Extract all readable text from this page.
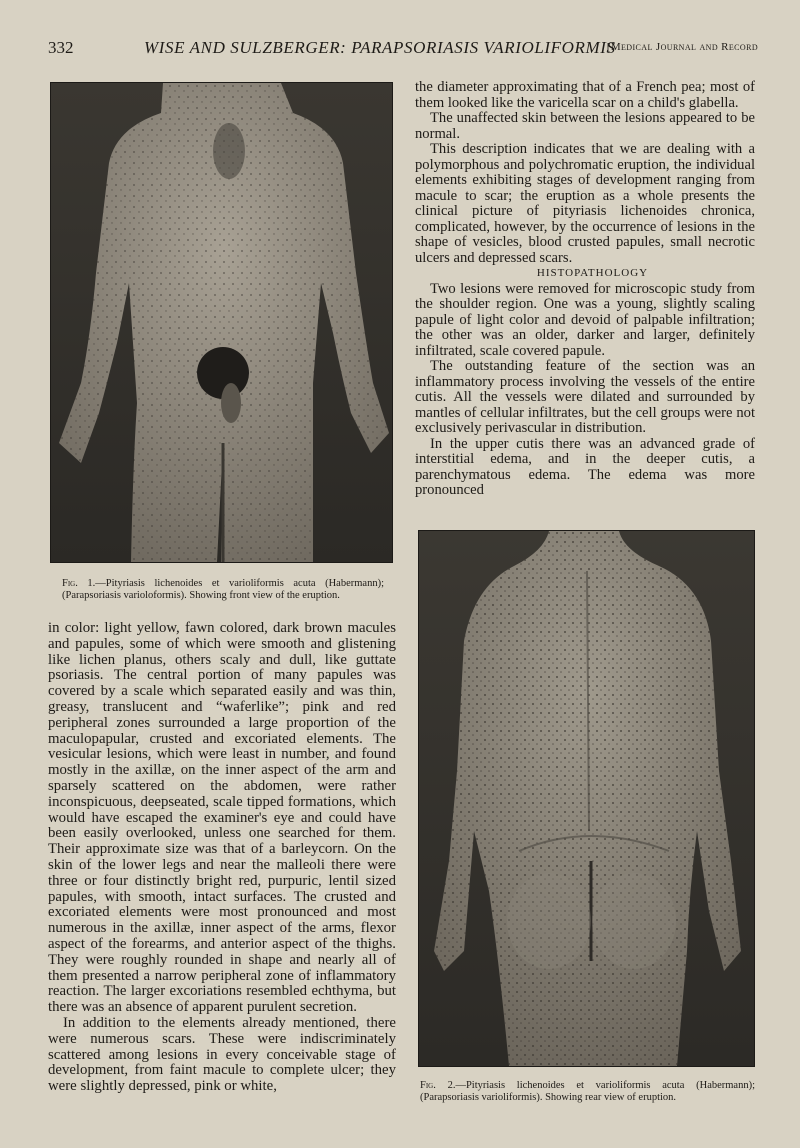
332	WISE AND SULZBERGER: PARAPSORIASIS VARIOLIFORMIS
[Medical Journal and Record
Fig. 1.—Pityriasis lichenoides et varioliformis acuta (Habermann); (Parapsoriasis varioloformis). Showing front view of the eruption.

the diameter approximating that of a French pea; most of them looked like the varicella scar on a child's glabella.

The unaffected skin between the lesions appeared to be normal.

This description indicates that we are dealing with a polymorphous and polychromatic eruption, the individual elements exhibiting stages of development ranging from macule to scar; the eruption as a whole presents the clinical picture of pityriasis lichenoides chronica, complicated, however, by the occurrence of lesions in the shape of vesicles, blood crusted papules, small necrotic ulcers and depressed scars.

HISTOPATHOLOGY

Two lesions were removed for microscopic study from the shoulder region. One was a young, slightly scaling papule of light color and devoid of palpable infiltration; the other was an older, darker and larger, definitely infiltrated, scale covered papule.

The outstanding feature of the section was an inflammatory process involving the vessels of the entire cutis. All the vessels were dilated and surrounded by mantles of cellular infiltrates, but the cell groups were not exclusively perivascular in distribution.

In the upper cutis there was an advanced grade of interstitial edema, and in the deeper cutis, a parenchymatous edema. The edema was more pronounced

Fig. 2.—Pityriasis lichenoides et varioliformis acuta (Habermann); (Parapsoriasis varioliformis). Showing rear view of eruption.

in color: light yellow, fawn colored, dark brown macules and papules, some of which were smooth and glistening like lichen planus, others scaly and dull, like guttate psoriasis. The central portion of many papules was covered by a scale which separated easily and was thin, greasy, translucent and “waferlike”; pink and red peripheral zones surrounded a large proportion of the maculopapular, crusted and excoriated elements. The vesicular lesions, which were least in number, and found mostly in the axillæ, on the inner aspect of the arm and sparsely scattered on the abdomen, were rather inconspicuous, deepseated, scale tipped formations, which would have escaped the examiner's eye and could have been easily overlooked, unless one searched for them. Their approximate size was that of a barleycorn. On the skin of the lower legs and near the malleoli there were three or four distinctly bright red, purpuric, lentil sized papules, with smooth, intact surfaces. The crusted and excoriated elements were most pronounced and most numerous in the axillæ, inner aspect of the arms, flexor aspect of the forearms, and anterior aspect of the thighs. They were roughly rounded in shape and nearly all of them presented a narrow peripheral zone of inflammatory reaction. The larger excoriations resembled echthyma, but there was an absence of apparent purulent secretion.

In addition to the elements already mentioned, there were numerous scars. These were indiscriminately scattered among lesions in every conceivable stage of development, from faint macule to complete ulcer; they were slightly depressed, pink or white,
